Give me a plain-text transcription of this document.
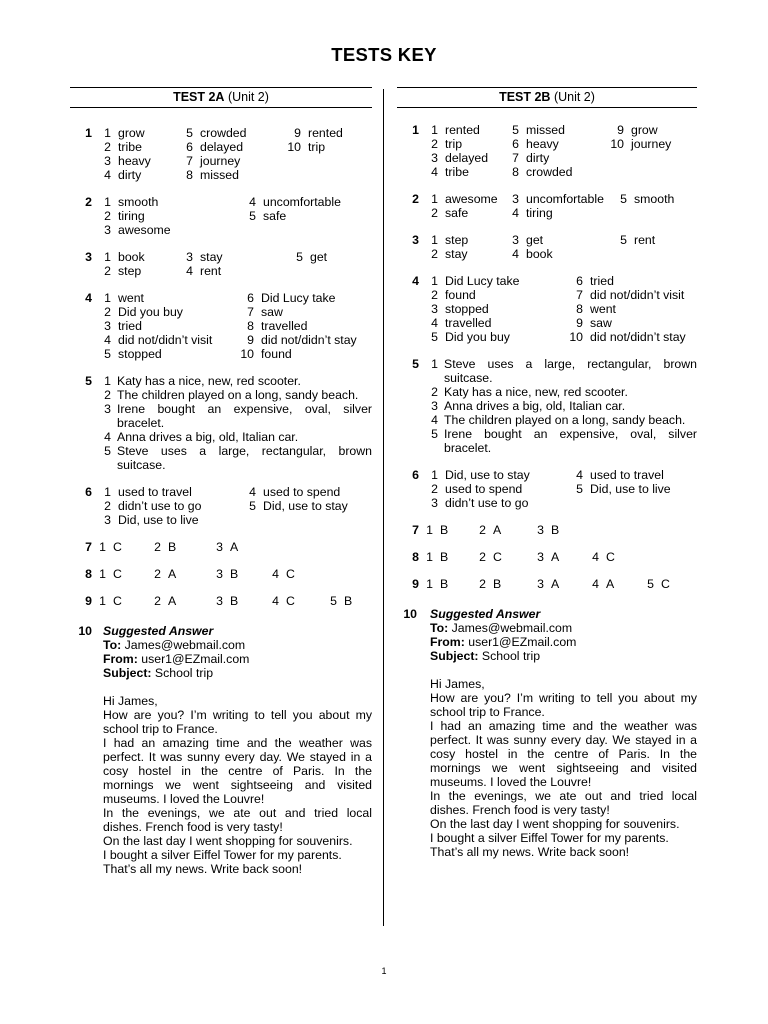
TESTS KEY
TEST 2A (Unit 2)
1 1 grow	5 crowded	9 rented
2 tribe	6 delayed	10 trip
3 heavy	7 journey
4 dirty	8 missed
2 1 smooth	4 uncomfortable
2 tiring	5 safe
3 awesome
3 1 book	3 stay	5 get
2 step	4 rent
4 1 went	6 Did Lucy take
2 Did you buy	7 saw
3 tried	8 travelled
4 did not/didn’t visit	9 did not/didn’t stay
5 stopped	10 found
5 1 Katy has a nice, new, red scooter.
2 The children played on a long, sandy beach.
3 Irene bought an expensive, oval, silver bracelet.
4 Anna drives a big, old, Italian car.
5 Steve uses a large, rectangular, brown suitcase.
6 1 used to travel	4 used to spend
2 didn’t use to go	5 Did, use to stay
3 Did, use to live
7 1 C	2 B	3 A
8 1 C	2 A	3 B	4 C
9 1 C	2 A	3 B	4 C	5 B
10 Suggested Answer
To: James@webmail.com
From: user1@EZmail.com
Subject: School trip
Hi James,
How are you? I’m writing to tell you about my school trip to France.
I had an amazing time and the weather was perfect. It was sunny every day. We stayed in a cosy hostel in the centre of Paris. In the mornings we went sightseeing and visited museums. I loved the Louvre!
In the evenings, we ate out and tried local dishes. French food is very tasty!
On the last day I went shopping for souvenirs.
I bought a silver Eiffel Tower for my parents.
That’s all my news. Write back soon!
TEST 2B (Unit 2)
1 1 rented	5 missed	9 grow
2 trip	6 heavy	10 journey
3 delayed 7 dirty
4 tribe	8 crowded
2 1 awesome 3 uncomfortable 5 smooth
2 safe	4 tiring
3 1 step	3 get	5 rent
2 stay	4 book
4 1 Did Lucy take	6 tried
2 found	7 did not/didn’t visit
3 stopped	8 went
4 travelled	9 saw
5 Did you buy	10 did not/didn’t stay
5 1 Steve uses a large, rectangular, brown suitcase.
2 Katy has a nice, new, red scooter.
3 Anna drives a big, old, Italian car.
4 The children played on a long, sandy beach.
5 Irene bought an expensive, oval, silver bracelet.
6 1 Did, use to stay	4 used to travel
2 used to spend	5 Did, use to live
3 didn’t use to go
7 1 B	2 A	3 B
8 1 B	2 C	3 A	4 C
9 1 B	2 B	3 A	4 A	5 C
10 Suggested Answer
To: James@webmail.com
From: user1@EZmail.com
Subject: School trip
Hi James,
How are you? I’m writing to tell you about my school trip to France.
I had an amazing time and the weather was perfect. It was sunny every day. We stayed in a cosy hostel in the centre of Paris. In the mornings we went sightseeing and visited museums. I loved the Louvre!
In the evenings, we ate out and tried local dishes. French food is very tasty!
On the last day I went shopping for souvenirs.
I bought a silver Eiffel Tower for my parents.
That’s all my news. Write back soon!
1
